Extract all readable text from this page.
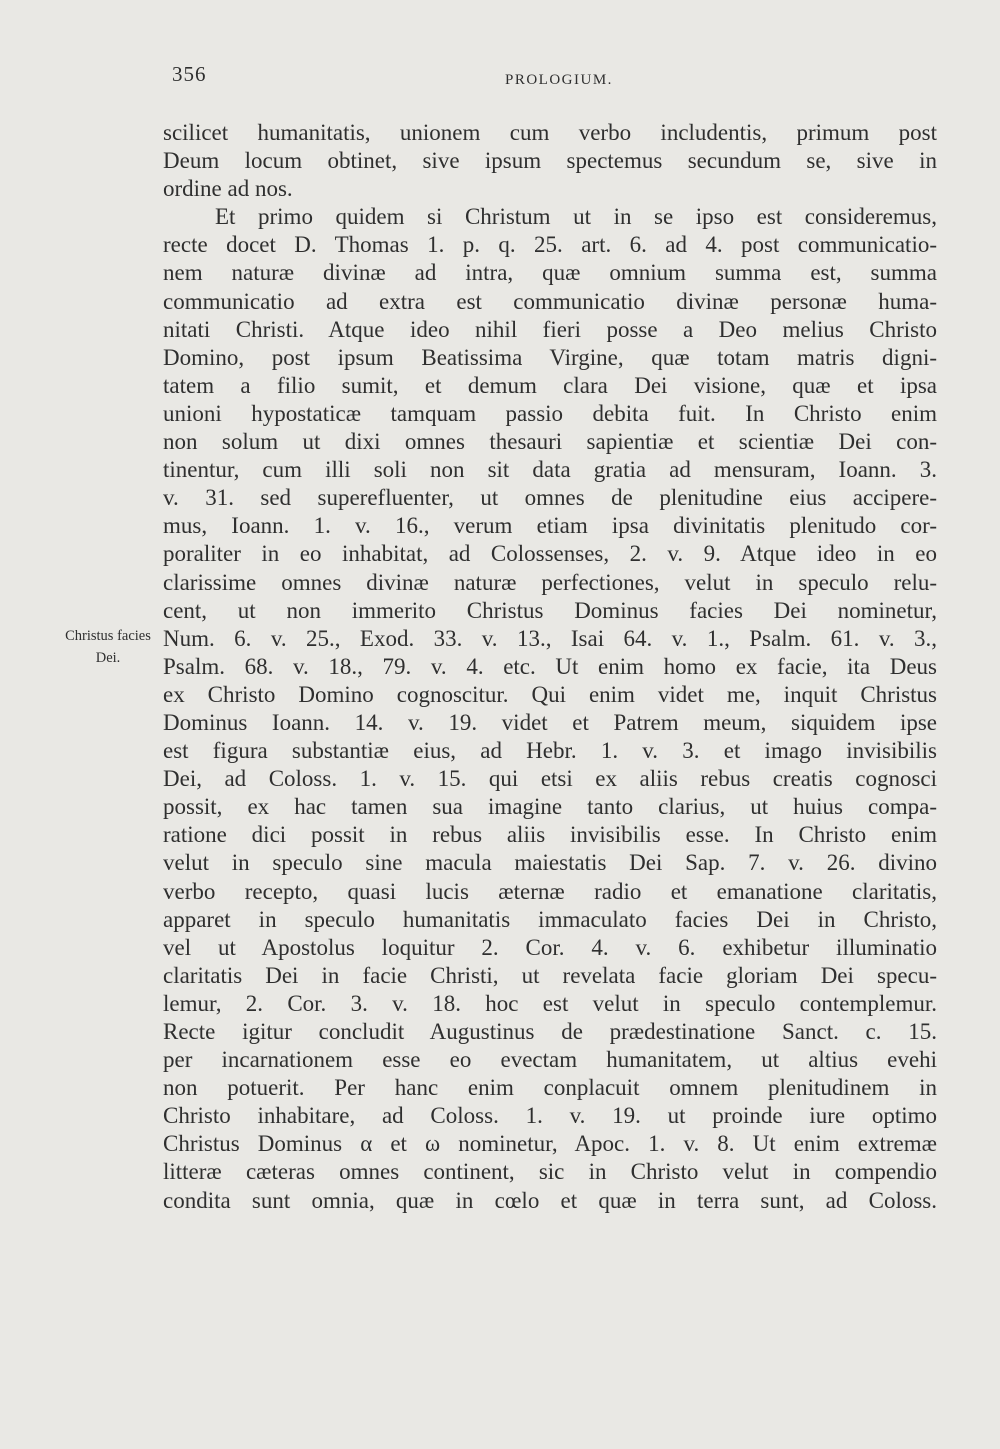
356	PROLOGIUM.
Christus facies
Dei.
scilicet humanitatis, unionem cum verbo includentis, primum post
Deum locum obtinet, sive ipsum spectemus secundum se, sive in
ordine ad nos.
Et primo quidem si Christum ut in se ipso est consideremus,
recte docet D. Thomas 1. p. q. 25. art. 6. ad 4. post communicatio-
nem naturæ divinæ ad intra, quæ omnium summa est, summa
communicatio ad extra est communicatio divinæ personæ huma-
nitati Christi. Atque ideo nihil fieri posse a Deo melius Christo
Domino, post ipsum Beatissima Virgine, quæ totam matris digni-
tatem a filio sumit, et demum clara Dei visione, quæ et ipsa
unioni hypostaticæ tamquam passio debita fuit. In Christo enim
non solum ut dixi omnes thesauri sapientiæ et scientiæ Dei con-
tinentur, cum illi soli non sit data gratia ad mensuram, Ioann. 3.
v. 31. sed superefluenter, ut omnes de plenitudine eius accipere-
mus, Ioann. 1. v. 16., verum etiam ipsa divinitatis plenitudo cor-
poraliter in eo inhabitat, ad Colossenses, 2. v. 9. Atque ideo in eo
clarissime omnes divinæ naturæ perfectiones, velut in speculo relu-
cent, ut non immerito Christus Dominus facies Dei nominetur,
Num. 6. v. 25., Exod. 33. v. 13., Isai 64. v. 1., Psalm. 61. v. 3.,
Psalm. 68. v. 18., 79. v. 4. etc. Ut enim homo ex facie, ita Deus
ex Christo Domino cognoscitur. Qui enim videt me, inquit Christus
Dominus Ioann. 14. v. 19. videt et Patrem meum, siquidem ipse
est figura substantiæ eius, ad Hebr. 1. v. 3. et imago invisibilis
Dei, ad Coloss. 1. v. 15. qui etsi ex aliis rebus creatis cognosci
possit, ex hac tamen sua imagine tanto clarius, ut huius compa-
ratione dici possit in rebus aliis invisibilis esse. In Christo enim
velut in speculo sine macula maiestatis Dei Sap. 7. v. 26. divino
verbo recepto, quasi lucis æternæ radio et emanatione claritatis,
apparet in speculo humanitatis immaculato facies Dei in Christo,
vel ut Apostolus loquitur 2. Cor. 4. v. 6. exhibetur illuminatio
claritatis Dei in facie Christi, ut revelata facie gloriam Dei specu-
lemur, 2. Cor. 3. v. 18. hoc est velut in speculo contemplemur.
Recte igitur concludit Augustinus de prædestinatione Sanct. c. 15.
per incarnationem esse eo evectam humanitatem, ut altius evehi
non potuerit. Per hanc enim conplacuit omnem plenitudinem in
Christo inhabitare, ad Coloss. 1. v. 19. ut proinde iure optimo
Christus Dominus α et ω nominetur, Apoc. 1. v. 8. Ut enim extremæ
litteræ cæteras omnes continent, sic in Christo velut in compendio
condita sunt omnia, quæ in cœlo et quæ in terra sunt, ad Coloss.
